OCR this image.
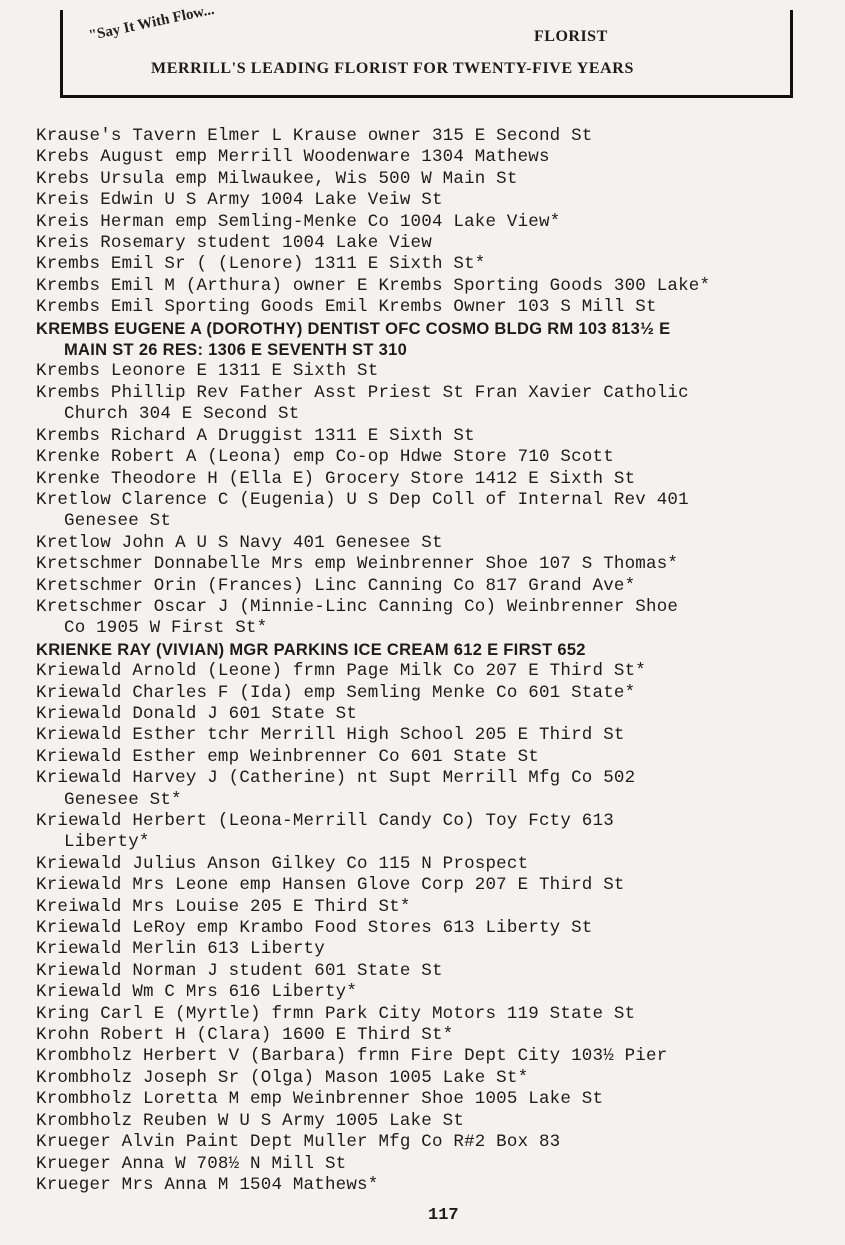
"Say It With Flow...	FLORIST
MERRILL'S LEADING FLORIST FOR TWENTY-FIVE YEARS
Krause's Tavern Elmer L Krause owner 315 E Second St
Krebs August emp Merrill Woodenware 1304 Mathews
Krebs Ursula emp Milwaukee, Wis 500 W Main St
Kreis Edwin U S Army 1004 Lake Veiw St
Kreis Herman emp Semling-Menke Co 1004 Lake View*
Kreis Rosemary student 1004 Lake View
Krembs Emil Sr ( (Lenore) 1311 E Sixth St*
Krembs Emil M (Arthura) owner E Krembs Sporting Goods 300 Lake*
Krembs Emil Sporting Goods Emil Krembs Owner 103 S Mill St
KREMBS EUGENE A (DOROTHY) DENTIST OFC COSMO BLDG RM 103 813½ E
MAIN ST 26 RES: 1306 E SEVENTH ST 310
Krembs Leonore E 1311 E Sixth St
Krembs Phillip Rev Father Asst Priest St Fran Xavier Catholic
Church 304 E Second St
Krembs Richard A Druggist 1311 E Sixth St
Krenke Robert A (Leona) emp Co-op Hdwe Store 710 Scott
Krenke Theodore H (Ella E) Grocery Store 1412 E Sixth St
Kretlow Clarence C (Eugenia) U S Dep Coll of Internal Rev 401
Genesee St
Kretlow John A U S Navy 401 Genesee St
Kretschmer Donnabelle Mrs emp Weinbrenner Shoe 107 S Thomas*
Kretschmer Orin (Frances) Linc Canning Co 817 Grand Ave*
Kretschmer Oscar J (Minnie-Linc Canning Co) Weinbrenner Shoe
Co 1905 W First St*
KRIENKE RAY (VIVIAN) MGR PARKINS ICE CREAM 612 E FIRST 652
Kriewald Arnold (Leone) frmn Page Milk Co 207 E Third St*
Kriewald Charles F (Ida) emp Semling Menke Co 601 State*
Kriewald Donald J 601 State St
Kriewald Esther tchr Merrill High School 205 E Third St
Kriewald Esther emp Weinbrenner Co 601 State St
Kriewald Harvey J (Catherine) nt Supt Merrill Mfg Co 502
Genesee St*
Kriewald Herbert (Leona-Merrill Candy Co) Toy Fcty 613
Liberty*
Kriewald Julius Anson Gilkey Co 115 N Prospect
Kriewald Mrs Leone emp Hansen Glove Corp 207 E Third St
Kreiwald Mrs Louise 205 E Third St*
Kriewald LeRoy emp Krambo Food Stores 613 Liberty St
Kriewald Merlin 613 Liberty
Kriewald Norman J student 601 State St
Kriewald Wm C Mrs 616 Liberty*
Kring Carl E (Myrtle) frmn Park City Motors 119 State St
Krohn Robert H (Clara) 1600 E Third St*
Krombholz Herbert V (Barbara) frmn Fire Dept City 103½ Pier
Krombholz Joseph Sr (Olga) Mason 1005 Lake St*
Krombholz Loretta M emp Weinbrenner Shoe 1005 Lake St
Krombholz Reuben W U S Army 1005 Lake St
Krueger Alvin Paint Dept Muller Mfg Co R#2 Box 83
Krueger Anna W 708½ N Mill St
Krueger Mrs Anna M 1504 Mathews*
117
